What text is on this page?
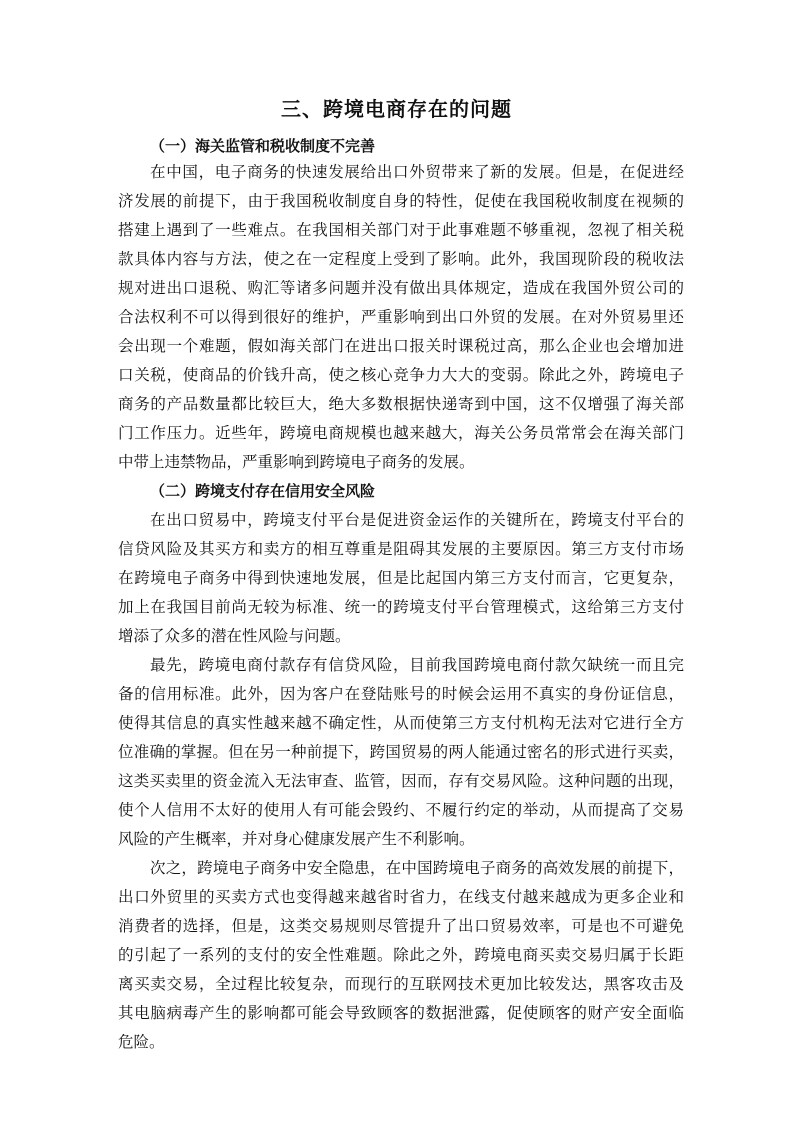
三、跨境电商存在的问题

（一）海关监管和税收制度不完善

在中国，电子商务的快速发展给出口外贸带来了新的发展。但是，在促进经

济发展的前提下，由于我国税收制度自身的特性，促使在我国税收制度在视频的

搭建上遇到了一些难点。在我国相关部门对于此事难题不够重视，忽视了相关税

款具体内容与方法，使之在一定程度上受到了影响。此外，我国现阶段的税收法

规对进出口退税、购汇等诸多问题并没有做出具体规定，造成在我国外贸公司的

合法权利不可以得到很好的维护，严重影响到出口外贸的发展。在对外贸易里还

会出现一个难题，假如海关部门在进出口报关时课税过高，那么企业也会增加进

口关税，使商品的价钱升高，使之核心竞争力大大的变弱。除此之外，跨境电子

商务的产品数量都比较巨大，绝大多数根据快递寄到中国，这不仅增强了海关部

门工作压力。近些年，跨境电商规模也越来越大，海关公务员常常会在海关部门

中带上违禁物品，严重影响到跨境电子商务的发展。

（二）跨境支付存在信用安全风险

在出口贸易中，跨境支付平台是促进资金运作的关键所在，跨境支付平台的

信贷风险及其买方和卖方的相互尊重是阻碍其发展的主要原因。第三方支付市场

在跨境电子商务中得到快速地发展，但是比起国内第三方支付而言，它更复杂，

加上在我国目前尚无较为标准、统一的跨境支付平台管理模式，这给第三方支付

增添了众多的潜在性风险与问题。

最先，跨境电商付款存有信贷风险，目前我国跨境电商付款欠缺统一而且完

备的信用标准。此外，因为客户在登陆账号的时候会运用不真实的身份证信息，

使得其信息的真实性越来越不确定性，从而使第三方支付机构无法对它进行全方

位准确的掌握。但在另一种前提下，跨国贸易的两人能通过密名的形式进行买卖，

这类买卖里的资金流入无法审查、监管，因而，存有交易风险。这种问题的出现，

使个人信用不太好的使用人有可能会毁约、不履行约定的举动，从而提高了交易

风险的产生概率，并对身心健康发展产生不利影响。

次之，跨境电子商务中安全隐患，在中国跨境电子商务的高效发展的前提下，

出口外贸里的买卖方式也变得越来越省时省力，在线支付越来越成为更多企业和

消费者的选择，但是，这类交易规则尽管提升了出口贸易效率，可是也不可避免

的引起了一系列的支付的安全性难题。除此之外，跨境电商买卖交易归属于长距

离买卖交易，全过程比较复杂，而现行的互联网技术更加比较发达，黑客攻击及

其电脑病毒产生的影响都可能会导致顾客的数据泄露，促使顾客的财产安全面临

危险。
